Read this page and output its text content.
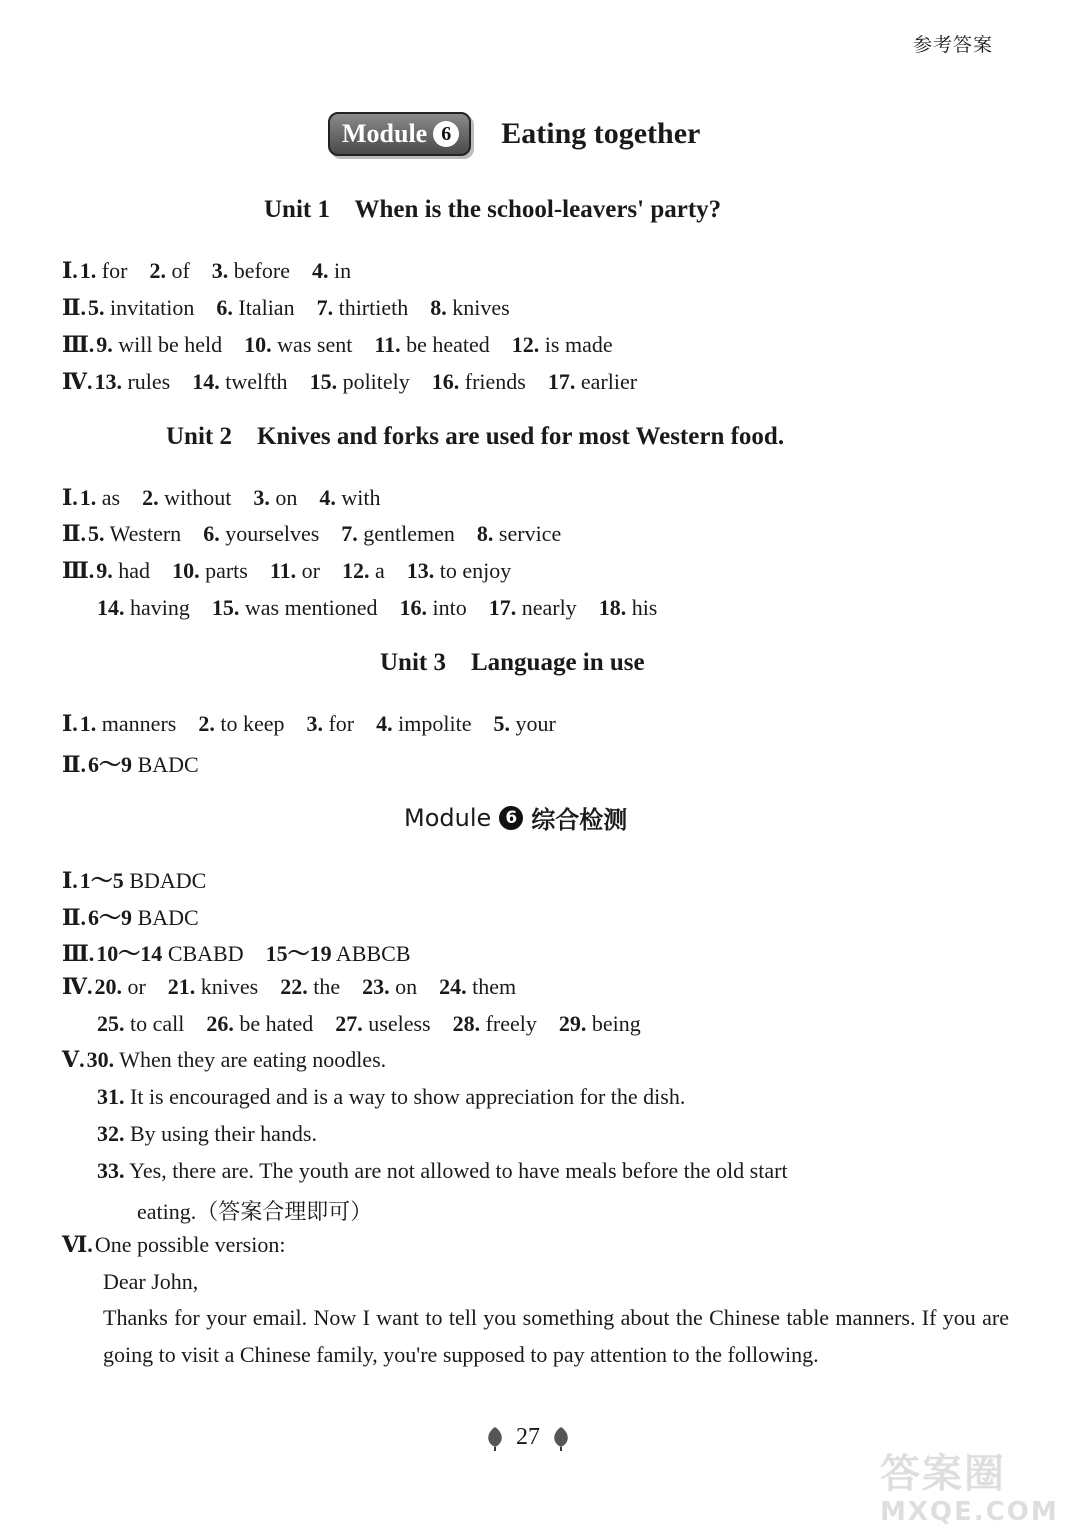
参考答案
Module 6 Eating together
Unit 1    When is the school-leavers' party?
Ⅰ.1. for 2. of 3. before 4. in
Ⅱ.5. invitation 6. Italian 7. thirtieth 8. knives
Ⅲ.9. will be held 10. was sent 11. be heated 12. is made
Ⅳ.13. rules 14. twelfth 15. politely 16. friends 17. earlier
Unit 2    Knives and forks are used for most Western food.
Ⅰ.1. as 2. without 3. on 4. with
Ⅱ.5. Western 6. yourselves 7. gentlemen 8. service
Ⅲ.9. had 10. parts 11. or 12. a 13. to enjoy
14. having 15. was mentioned 16. into 17. nearly 18. his
Unit 3    Language in use
Ⅰ.1. manners 2. to keep 3. for 4. impolite 5. your
Ⅱ.6～9 BADC
Module 6 综合检测
Ⅰ.1～5 BDADC
Ⅱ.6～9 BADC
Ⅲ.10～14 CBABD 15～19 ABBCB
Ⅳ.20. or 21. knives 22. the 23. on 24. them
25. to call 26. be hated 27. useless 28. freely 29. being
Ⅴ.30. When they are eating noodles.
31. It is encouraged and is a way to show appreciation for the dish.
32. By using their hands.
33. Yes, there are. The youth are not allowed to have meals before the old start
eating.（答案合理即可）
Ⅵ.One possible version:
Dear John,
Thanks for your email. Now I want to tell you something about the Chinese table manners. If you are going to visit a Chinese family, you're supposed to pay attention to the following.
27
答案圈
MXQE.COM
